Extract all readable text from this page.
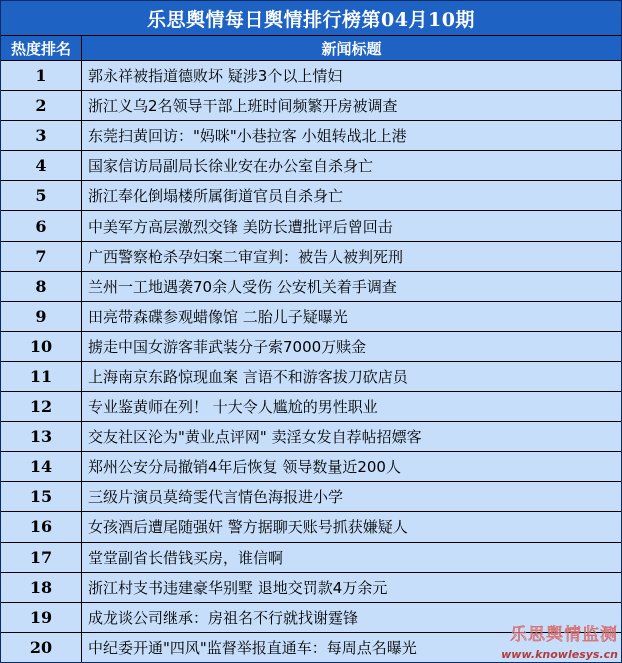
乐思舆情每日舆情排行榜第04月10期
热度排名	新闻标题
1	郭永祥被指道德败坏 疑涉3个以上情妇
2	浙江义乌2名领导干部上班时间频繁开房被调查
3	东莞扫黄回访："妈咪"小巷拉客 小姐转战北上港
4	国家信访局副局长徐业安在办公室自杀身亡
5	浙江奉化倒塌楼所属街道官员自杀身亡
6	中美军方高层激烈交锋 美防长遭批评后曾回击
7	广西警察枪杀孕妇案二审宣判：被告人被判死刑
8	兰州一工地遇袭70余人受伤 公安机关着手调查
9	田亮带森碟参观蜡像馆 二胎儿子疑曝光
10	掳走中国女游客菲武装分子索7000万赎金
11	上海南京东路惊现血案 言语不和游客拔刀砍店员
12	专业鉴黄师在列！ 十大令人尴尬的男性职业
13	交友社区沦为"黄业点评网" 卖淫女发自荐帖招嫖客
14	郑州公安分局撤销4年后恢复 领导数量近200人
15	三级片演员莫绮雯代言情色海报进小学
16	女孩酒后遭尾随强奸 警方据聊天账号抓获嫌疑人
17	堂堂副省长借钱买房，谁信啊
18	浙江村支书违建豪华别墅 退地交罚款4万余元
19	成龙谈公司继承：房祖名不行就找谢霆锋
20	中纪委开通"四风"监督举报直通车：每周点名曝光	www.knowlesys.cn
